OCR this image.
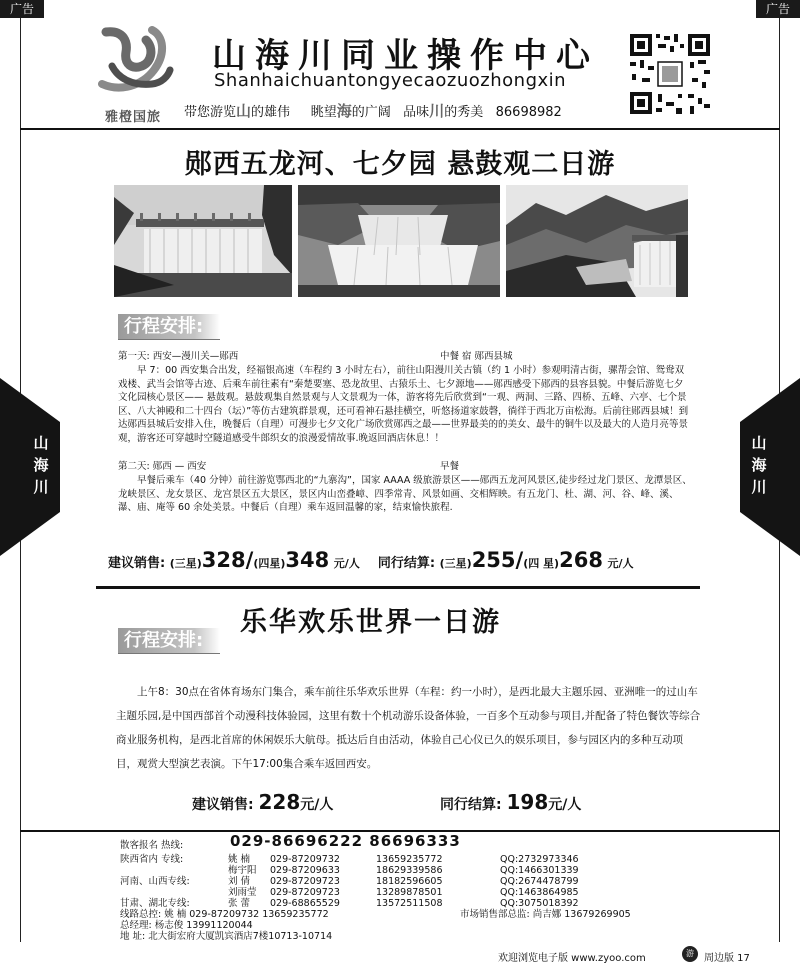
广告	广告
雅橙国旅
山海川同业操作中心
Shanhaichuantongyecaozuozhongxin
带您游览山的雄伟 眺望海的广阔 品味川的秀美 86698982
山海川
山海川
郧西五龙河、七夕园 悬鼓观二日游
行程安排:
第一天: 西安—漫川关—郧西	中餐 宿 郧西县城

早 7：00 西安集合出发，经福银高速（车程约 3 小时左右），前往山阳漫川关古镇（约 1 小时）参观明清古街，骡帮会馆、鸳鸯双戏楼、武当会馆等古迹、后乘车前往素有“秦楚要塞、恐龙故里、古猿乐土、七夕源地——郧西感受下郧西的县容县貌。中餐后游览七夕文化园核心景区—— 悬鼓观。悬鼓观集自然景观与人文景观为一体，游客将先后欣赏到“一观、两洞、三路、四桥、五峰、六亭、七个景区、八大神殿和二十四台（坛）”等仿古建筑群景观，还可看神石悬挂横空，听悠扬道家鼓磬，徜徉于西北万亩松海。后前往郧西县城！到达郧西县城后安排入住，晚餐后（自理）可漫步七夕文化广场欣赏郧西之最——世界最美的的美女、最牛的铜牛以及最大的人造月亮等景观，游客还可穿越时空隧道感受牛郎织女的浪漫爱情故事.晚返回酒店休息！！

第二天: 郧西 — 西安	早餐

早餐后乘车（40 分钟）前往游览鄂西北的“九寨沟”，国家 AAAA 级旅游景区——郧西五龙河风景区,徒步经过龙门景区、龙潭景区、龙峡景区、龙女景区、龙宫景区五大景区，景区内山峦叠嶂、四季常青、风景如画、交相辉映。有五龙门、杜、湖、河、谷、峰、溪、瀑、庙、庵等 60 余处美景。中餐后（自理）乘车返回温馨的家，结束愉快旅程.

建议销售: (三星)328/(四星)348 元/人 同行结算: (三星)255/(四 星)268 元/人
乐华欢乐世界一日游
行程安排:

上午8：30点在省体育场东门集合，乘车前往乐华欢乐世界（车程：约一小时），是西北最大主题乐园、亚洲唯一的过山车主题乐园,是中国西部首个动漫科技体验园，这里有数十个机动游乐设备体验，一百多个互动参与项目,并配备了特色餐饮等综合商业服务机构，是西北首席的休闲娱乐大航母。抵达后自由活动，体验自己心仪已久的娱乐项目，参与园区内的多种互动项目，观赏大型演艺表演。下午17:00集合乘车返回西安。

建议销售: 228元/人	同行结算: 198元/人
散客报名 热线:	029-86696222 86696333
陕西省内 专线:	姚 楠 029-87209732	13659235772	QQ:2732973346
梅宇阳 029-87209633	18629339586	QQ:1466301339
河南、山西专线:	刘 倩 029-87209723	18182596605	QQ:2674478799
刘雨莹 029-87209723	13289878501	QQ:1463864985
甘肃、湖北专线:	张 蕾 029-68865529	13572511508	QQ:3075018392
线路总控: 姚 楠 029-87209732 13659235772	市场销售部总监: 尚吉娜 13679269905
总经理: 杨志俊 13991120044
地 址: 北大街宏府大厦凯宾酒店7楼10713-10714
欢迎浏览电子版 www.zyoo.com	游	周边版 17
